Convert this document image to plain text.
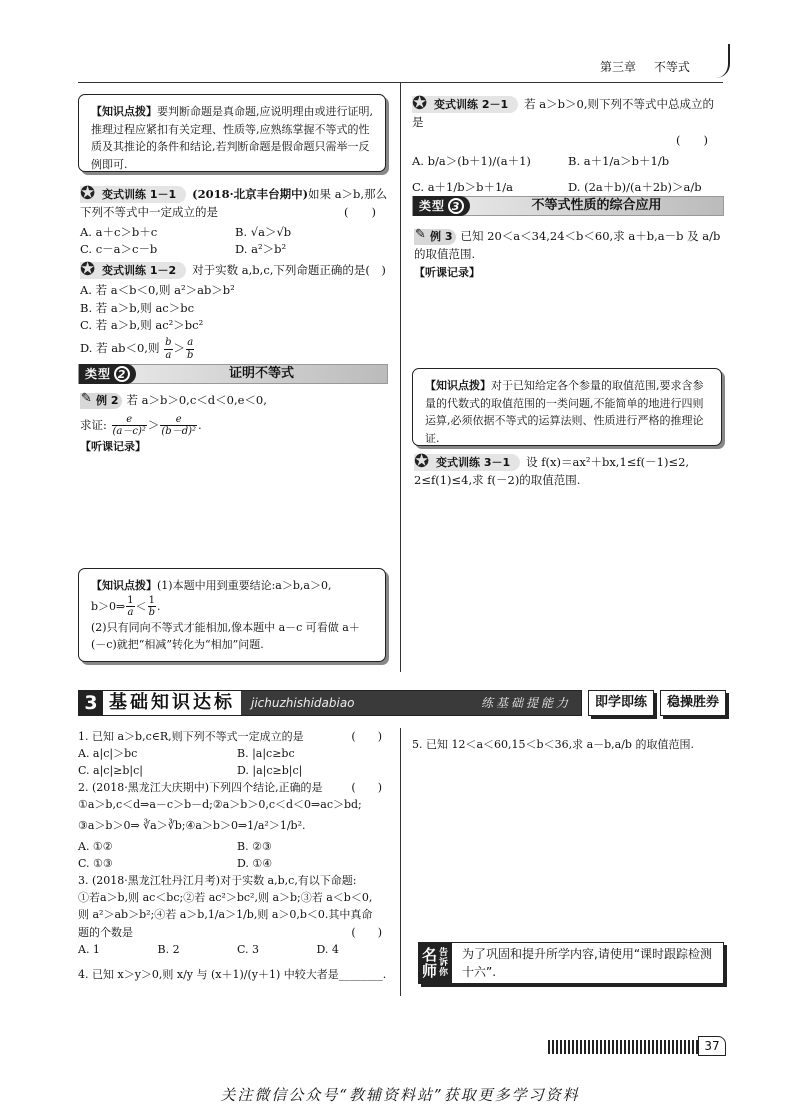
第三章 不等式
【知识点拨】要判断命题是真命题,应说明理由或进行证明,推理过程应紧扣有关定理、性质等,应熟练掌握不等式的性质及其推论的条件和结论,若判断命题是假命题只需举一反例即可.
✪ 变式训练 1－1 (2018·北京丰台期中)如果 a＞b,那么下列不等式中一定成立的是	(　　)
A. a＋c＞b＋c	B. √a＞√b
C. c－a＞c－b	D. a²＞b²
✪ 变式训练 1－2 对于实数 a,b,c,下列命题正确的是(　)
A. 若 a＜b＜0,则 a²＞ab＞b²
B. 若 a＞b,则 ac＞bc
C. 若 a＞b,则 ac²＞bc²
D. 若 ab＜0,则 $\frac{b}{a} > \frac{a}{b}$
类型 2	证明不等式
✎ 例 2 若 a＞b＞0,c＜d＜0,e＜0,
求证: $\frac{e}{\text{(a－c)²}} > \frac{e}{\text{(b－d)²}}$ .
【听课记录】
【知识点拨】(1)本题中用到重要结论:a＞b,a＞0,
b＞0⇒ $\frac{1}{a} < \frac{1}{b}$ .
(2)只有同向不等式才能相加,像本题中 a－c 可看做 a＋(－c)就把“相减”转化为“相加”问题.
✪ 变式训练 2－1 若 a＞b＞0,则下列不等式中总成立的是
(　　)
A. b/a＞(b＋1)/(a＋1)	B. a＋1/a＞b＋1/b
C. a＋1/b＞b＋1/a	D. (2a＋b)/(a＋2b)＞a/b
类型 3	不等式性质的综合应用
✎ 例 3 已知 20＜a＜34,24＜b＜60,求 a＋b,a－b 及 a/b 的取值范围.
【听课记录】
【知识点拨】对于已知给定各个参量的取值范围,要求含参量的代数式的取值范围的一类问题,不能简单的地进行四则运算,必须依据不等式的运算法则、性质进行严格的推理论证.
✪ 变式训练 3－1 设 f(x)＝ax²＋bx,1≤f(－1)≤2, 2≤f(1)≤4,求 f(－2)的取值范围.
3 基础知识达标	jichuzhishidabiao	练基础提能力	即学即练	稳操胜券
1. 已知 a＞b,c∈R,则下列不等式一定成立的是	(　　)
A. a|c|＞bc	B. |a|c≥bc
C. a|c|≥b|c|	D. |a|c≥b|c|
2. (2018·黑龙江大庆期中)下列四个结论,正确的是	(　　)
①a＞b,c＜d⇒a－c＞b－d;②a＞b＞0,c＜d＜0⇒ac＞bd;
③a＞b＞0⇒ ∛a＞∛b;④a＞b＞0⇒1/a²＞1/b².
A. ①②	B. ②③
C. ①③	D. ①④
3. (2018·黑龙江牡丹江月考)对于实数 a,b,c,有以下命题:
①若a＞b,则 ac＜bc;②若 ac²＞bc²,则 a＞b;③若 a＜b＜0,
则 a²＞ab＞b²;④若 a＞b,1/a＞1/b,则 a＞0,b＜0.其中真命
题的个数是	(　　)
A. 1	B. 2	C. 3	D. 4
4. 已知 x＞y＞0,则 x/y 与 (x＋1)/(y＋1) 中较大者是________.
5. 已知 12＜a＜60,15＜b＜36,求 a－b,a/b 的取值范围.
名
师
告
诉
你
为了巩固和提升所学内容,请使用“课时跟踪检测十六”.
37
关注微信公众号“教辅资料站”获取更多学习资料
